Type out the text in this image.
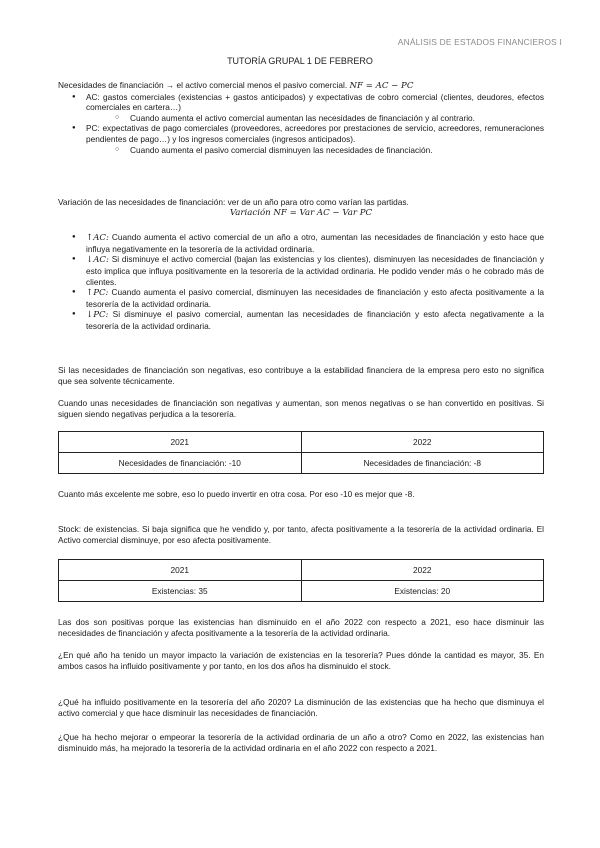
ANÁLISIS DE ESTADOS FINANCIEROS I
TUTORÍA GRUPAL 1 DE FEBRERO
Necesidades de financiación → el activo comercial menos el pasivo comercial. NF = AC − PC
● AC: gastos comerciales (existencias + gastos anticipados) y expectativas de cobro comercial (clientes, deudores, efectos comerciales en cartera…)
○ Cuando aumenta el activo comercial aumentan las necesidades de financiación y al contrario.
● PC: expectativas de pago comerciales (proveedores, acreedores por prestaciones de servicio, acreedores, remuneraciones pendientes de pago…) y los ingresos comerciales (ingresos anticipados).
○ Cuando aumenta el pasivo comercial disminuyen las necesidades de financiación.
Variación de las necesidades de financiación: ver de un año para otro como varían las partidas.
Variación NF = Var AC − Var PC
● ↑AC: Cuando aumenta el activo comercial de un año a otro, aumentan las necesidades de financiación y esto hace que influya negativamente en la tesorería de la actividad ordinaria.
● ↓AC: Si disminuye el activo comercial (bajan las existencias y los clientes), disminuyen las necesidades de financiación y esto implica que influya positivamente en la tesorería de la actividad ordinaria. He podido vender más o he cobrado más de clientes.
● ↑PC: Cuando aumenta el pasivo comercial, disminuyen las necesidades de financiación y esto afecta positivamente a la tesorería de la actividad ordinaria.
● ↓PC: Si disminuye el pasivo comercial, aumentan las necesidades de financiación y esto afecta negativamente a la tesorería de la actividad ordinaria.
Si las necesidades de financiación son negativas, eso contribuye a la estabilidad financiera de la empresa pero esto no significa que sea solvente técnicamente.
Cuando unas necesidades de financiación son negativas y aumentan, son menos negativas o se han convertido en positivas. Si siguen siendo negativas perjudica a la tesorería.
2021	2022
Necesidades de financiación: -10	Necesidades de financiación: -8
Cuanto más excelente me sobre, eso lo puedo invertir en otra cosa. Por eso -10 es mejor que -8.
Stock: de existencias. Si baja significa que he vendido y, por tanto, afecta positivamente a la tesorería de la actividad ordinaria. El Activo comercial disminuye, por eso afecta positivamente.
2021	2022
Existencias: 35	Existencias: 20
Las dos son positivas porque las existencias han disminuido en el año 2022 con respecto a 2021, eso hace disminuir las necesidades de financiación y afecta positivamente a la tesorería de la actividad ordinaria.
¿En qué año ha tenido un mayor impacto la variación de existencias en la tesorería? Pues dónde la cantidad es mayor, 35. En ambos casos ha influido positivamente y por tanto, en los dos años ha disminuido el stock.
¿Qué ha influido positivamente en la tesorería del año 2020? La disminución de las existencias que ha hecho que disminuya el activo comercial y que hace disminuir las necesidades de financiación.
¿Que ha hecho mejorar o empeorar la tesorería de la actividad ordinaria de un año a otro? Como en 2022, las existencias han disminuido más, ha mejorado la tesorería de la actividad ordinaria en el año 2022 con respecto a 2021.
